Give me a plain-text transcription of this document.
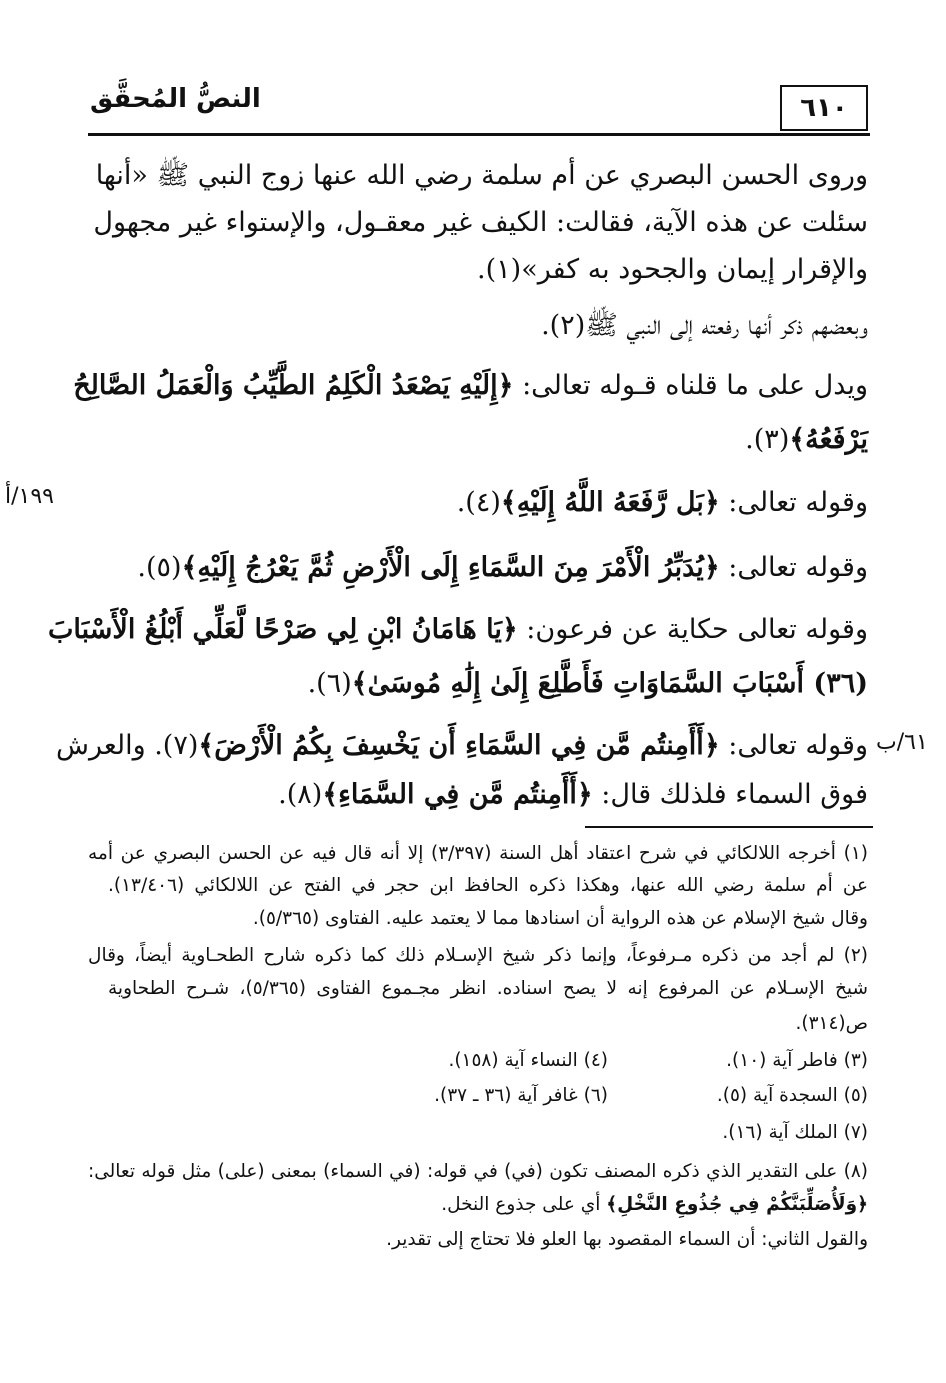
النصُّ المُحقَّق	٦١٠
١٩٩/أ
٦١/ب
وروى الحسن البصري عن أم سلمة رضي الله عنها زوج النبي ﷺ «أنها
سئلت عن هذه الآية، فقالت: الكيف غير معقـول، والإستواء غير مجهول
والإقرار إيمان والجحود به كفر»(١).
وبعضهم ذكر أنها رفعته إلى النبي ﷺ(٢).
ويدل على ما قلناه قـوله تعالى: ﴿إِلَيْهِ يَصْعَدُ الْكَلِمُ الطَّيِّبُ وَالْعَمَلُ الصَّالِحُ
يَرْفَعُهُ﴾(٣).
وقوله تعالى: ﴿بَل رَّفَعَهُ اللَّهُ إِلَيْهِ﴾(٤).
وقوله تعالى: ﴿يُدَبِّرُ الْأَمْرَ مِنَ السَّمَاءِ إِلَى الْأَرْضِ ثُمَّ يَعْرُجُ إِلَيْهِ﴾(٥).
وقوله تعالى حكاية عن فرعون: ﴿يَا هَامَانُ ابْنِ لِي صَرْحًا لَّعَلِّي أَبْلُغُ الْأَسْبَابَ
(٣٦) أَسْبَابَ السَّمَاوَاتِ فَأَطَّلِعَ إِلَىٰ إِلَٰهِ مُوسَىٰ﴾(٦).
وقوله تعالى: ﴿أَأَمِنتُم مَّن فِي السَّمَاءِ أَن يَخْسِفَ بِكُمُ الْأَرْضَ﴾(٧). والعرش
فوق السماء فلذلك قال: ﴿أَأَمِنتُم مَّن فِي السَّمَاءِ﴾(٨).
(١) أخرجه اللالكائي في شرح اعتقاد أهل السنة (٣/٣٩٧) إلا أنه قال فيه عن الحسن البصري عن أمه
عن أم سلمة رضي الله عنها، وهكذا ذكره الحافظ ابن حجر في الفتح عن اللالكائي (١٣/٤٠٦).
وقال شيخ الإسلام عن هذه الرواية أن اسنادها مما لا يعتمد عليه. الفتاوى (٥/٣٦٥).
(٢) لم أجد من ذكره مـرفوعاً، وإنما ذكر شيخ الإسـلام ذلك كما ذكره شارح الطحـاوية أيضاً، وقال
شيخ الإسـلام عن المرفوع إنه لا يصح اسناده. انظر مجـموع الفتاوى (٥/٣٦٥)، شـرح الطحاوية
ص(٣١٤).
(٣) فاطر آية (١٠).
(٤) النساء آية (١٥٨).
(٥) السجدة آية (٥).
(٦) غافر آية (٣٦ ـ ٣٧).
(٧) الملك آية (١٦).
(٨) على التقدير الذي ذكره المصنف تكون (في) في قوله: (في السماء) بمعنى (على) مثل قوله تعالى:
﴿وَلَأُصَلِّبَنَّكُمْ فِي جُذُوعِ النَّخْلِ﴾ أي على جذوع النخل.
والقول الثاني: أن السماء المقصود بها العلو فلا تحتاج إلى تقدير.
